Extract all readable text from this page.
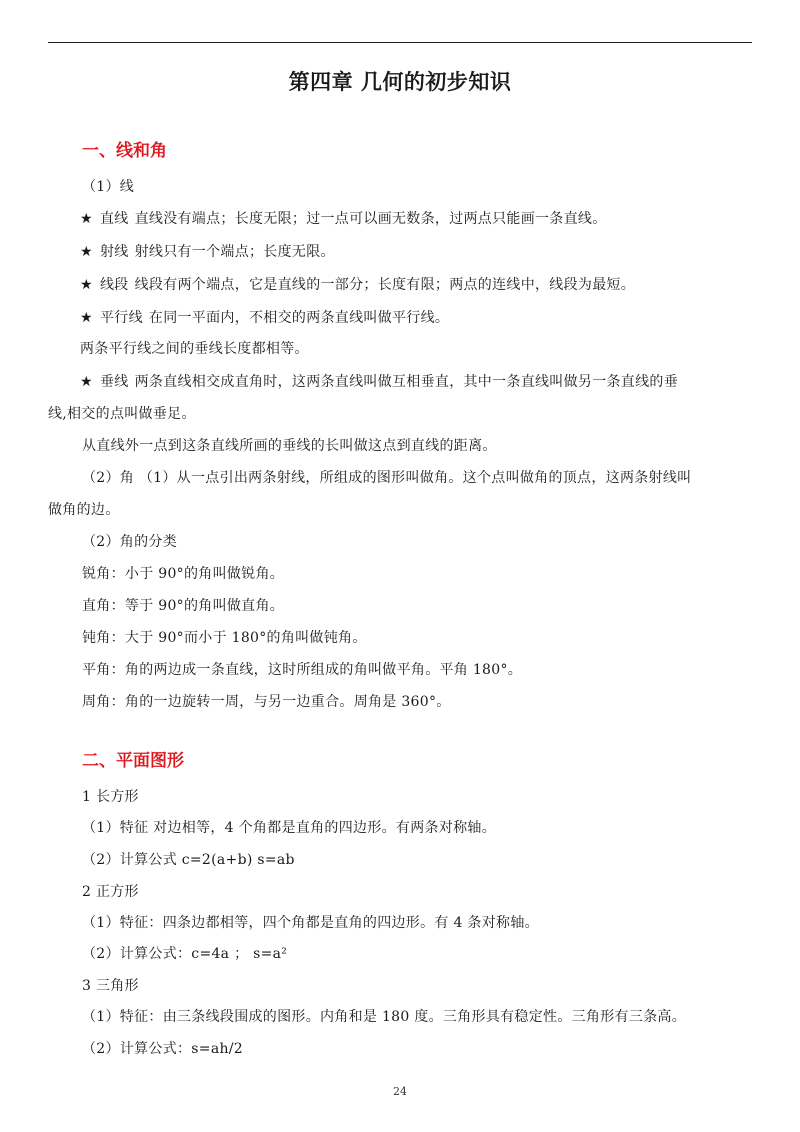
第四章 几何的初步知识
一、线和角
（1）线
★ 直线 直线没有端点；长度无限；过一点可以画无数条，过两点只能画一条直线。
★ 射线 射线只有一个端点；长度无限。
★ 线段 线段有两个端点，它是直线的一部分；长度有限；两点的连线中，线段为最短。
★ 平行线 在同一平面内，不相交的两条直线叫做平行线。
两条平行线之间的垂线长度都相等。
★ 垂线 两条直线相交成直角时，这两条直线叫做互相垂直，其中一条直线叫做另一条直线的垂
线,相交的点叫做垂足。
从直线外一点到这条直线所画的垂线的长叫做这点到直线的距离。
（2）角 （1）从一点引出两条射线，所组成的图形叫做角。这个点叫做角的顶点，这两条射线叫
做角的边。
（2）角的分类
锐角：小于 90°的角叫做锐角。
直角：等于 90°的角叫做直角。
钝角：大于 90°而小于 180°的角叫做钝角。
平角：角的两边成一条直线，这时所组成的角叫做平角。平角 180°。
周角：角的一边旋转一周，与另一边重合。周角是 360°。
二、平面图形
1 长方形
（1）特征 对边相等，4 个角都是直角的四边形。有两条对称轴。
（2）计算公式 c=2(a+b) s=ab
2 正方形
（1）特征：四条边都相等，四个角都是直角的四边形。有 4 条对称轴。
（2）计算公式：c=4a ； s=a²
3 三角形
（1）特征：由三条线段围成的图形。内角和是 180 度。三角形具有稳定性。三角形有三条高。
（2）计算公式：s=ah/2
24
